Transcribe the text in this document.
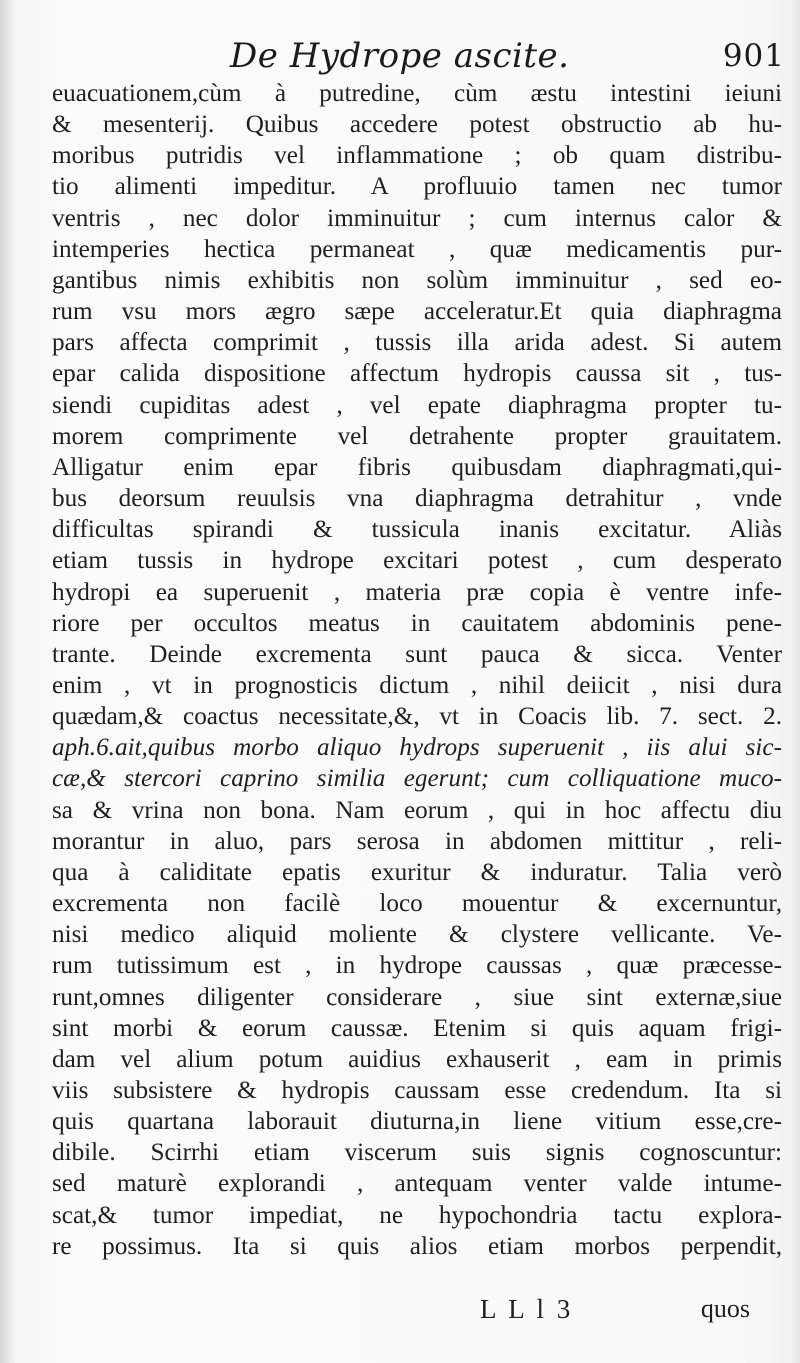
De Hydrope ascite.	901
euacuationem,cùm à putredine, cùm æstu intestini ieiuni
& mesenterij. Quibus accedere potest obstructio ab hu-
moribus putridis vel inflammatione ; ob quam distribu-
tio alimenti impeditur. A profluuio tamen nec tumor
ventris , nec dolor imminuitur ; cum internus calor &
intemperies hectica permaneat , quæ medicamentis pur-
gantibus nimis exhibitis non solùm imminuitur , sed eo-
rum vsu mors ægro sæpe acceleratur.Et quia diaphragma
pars affecta comprimit , tussis illa arida adest. Si autem
epar calida dispositione affectum hydropis caussa sit , tus-
siendi cupiditas adest , vel epate diaphragma propter tu-
morem comprimente vel detrahente propter grauitatem.
Alligatur enim epar fibris quibusdam diaphragmati,qui-
bus deorsum reuulsis vna diaphragma detrahitur , vnde
difficultas spirandi & tussicula inanis excitatur. Aliàs
etiam tussis in hydrope excitari potest , cum desperato
hydropi ea superuenit , materia præ copia è ventre infe-
riore per occultos meatus in cauitatem abdominis pene-
trante. Deinde excrementa sunt pauca & sicca. Venter
enim , vt in prognosticis dictum , nihil deiicit , nisi dura
quædam,& coactus necessitate,&, vt in Coacis lib. 7. sect. 2.
aph.6.ait,quibus morbo aliquo hydrops superuenit , iis alui sic-
cæ,& stercori caprino similia egerunt; cum colliquatione muco-
sa & vrina non bona. Nam eorum , qui in hoc affectu diu
morantur in aluo, pars serosa in abdomen mittitur , reli-
qua à caliditate epatis exuritur & induratur. Talia verò
excrementa non facilè loco mouentur & excernuntur,
nisi medico aliquid moliente & clystere vellicante. Ve-
rum tutissimum est , in hydrope caussas , quæ præcesse-
runt,omnes diligenter considerare , siue sint externæ,siue
sint morbi & eorum caussæ. Etenim si quis aquam frigi-
dam vel alium potum auidius exhauserit , eam in primis
viis subsistere & hydropis caussam esse credendum. Ita si
quis quartana laborauit diuturna,in liene vitium esse,cre-
dibile. Scirrhi etiam viscerum suis signis cognoscuntur:
sed maturè explorandi , antequam venter valde intume-
scat,& tumor impediat, ne hypochondria tactu explora-
re possimus. Ita si quis alios etiam morbos perpendit,
L L l 3	quos
